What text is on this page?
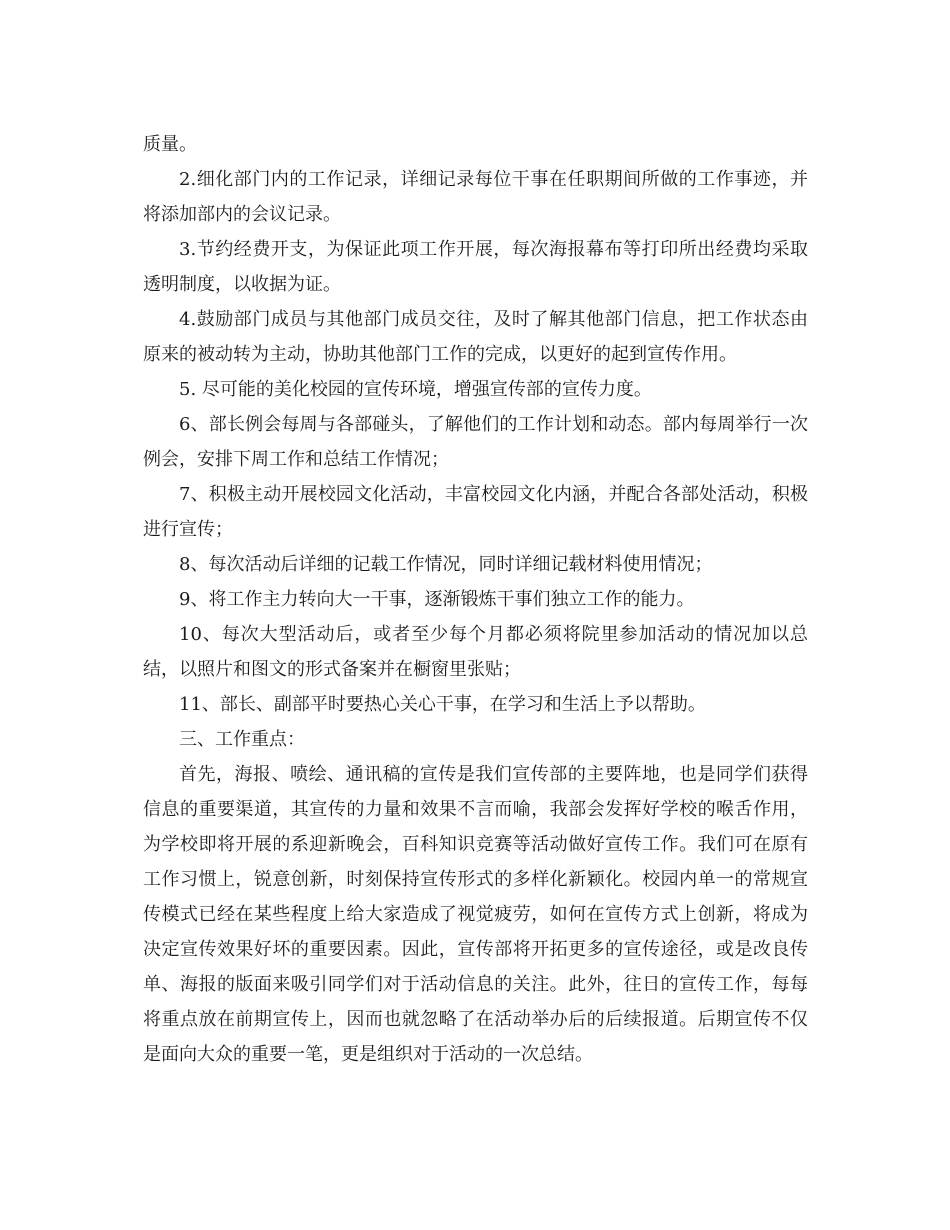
质量。

2.细化部门内的工作记录，详细记录每位干事在任职期间所做的工作事迹，并将添加部内的会议记录。

3.节约经费开支，为保证此项工作开展，每次海报幕布等打印所出经费均采取透明制度，以收据为证。

4.鼓励部门成员与其他部门成员交往，及时了解其他部门信息，把工作状态由原来的被动转为主动，协助其他部门工作的完成，以更好的起到宣传作用。

5. 尽可能的美化校园的宣传环境，增强宣传部的宣传力度。

6、部长例会每周与各部碰头，了解他们的工作计划和动态。部内每周举行一次例会，安排下周工作和总结工作情况；

7、积极主动开展校园文化活动，丰富校园文化内涵，并配合各部处活动，积极进行宣传；

8、每次活动后详细的记载工作情况，同时详细记载材料使用情况；

9、将工作主力转向大一干事，逐渐锻炼干事们独立工作的能力。

10、每次大型活动后，或者至少每个月都必须将院里参加活动的情况加以总结，以照片和图文的形式备案并在橱窗里张贴；

11、部长、副部平时要热心关心干事，在学习和生活上予以帮助。

三、工作重点：

首先，海报、喷绘、通讯稿的宣传是我们宣传部的主要阵地，也是同学们获得信息的重要渠道，其宣传的力量和效果不言而喻，我部会发挥好学校的喉舌作用，为学校即将开展的系迎新晚会，百科知识竞赛等活动做好宣传工作。我们可在原有工作习惯上，锐意创新，时刻保持宣传形式的多样化新颖化。校园内单一的常规宣传模式已经在某些程度上给大家造成了视觉疲劳，如何在宣传方式上创新，将成为决定宣传效果好坏的重要因素。因此，宣传部将开拓更多的宣传途径，或是改良传单、海报的版面来吸引同学们对于活动信息的关注。此外，往日的宣传工作，每每将重点放在前期宣传上，因而也就忽略了在活动举办后的后续报道。后期宣传不仅是面向大众的重要一笔，更是组织对于活动的一次总结。
